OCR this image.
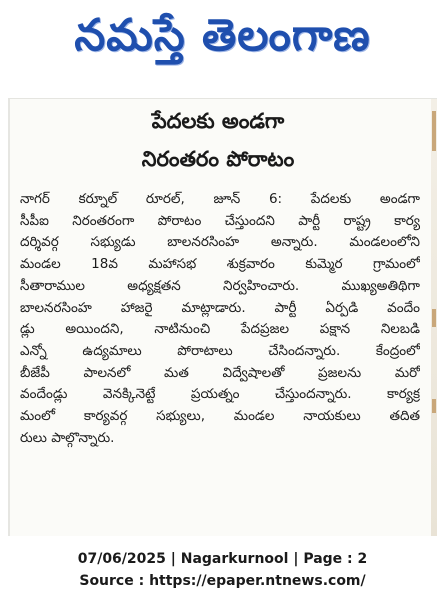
నమస్తే తెలంగాణ
పేదలకు అండగా
నిరంతరం పోరాటం
నాగర్ కర్నూల్ రూరల్, జూన్ 6: పేదలకు అండగా
సీపీఐ నిరంతరంగా పోరాటం చేస్తుందని పార్టీ రాష్ట్ర కార్య
దర్శివర్గ సభ్యుడు బాలనరసింహ అన్నారు. మండలంలోని
మండల 18వ మహాసభ శుక్రవారం కుమ్మెర గ్రామంలో
సీతారాముల అధ్యక్షతన నిర్వహించారు. ముఖ్యఅతిథిగా
బాలనరసింహ హాజరై మాట్లాడారు. పార్టీ ఏర్పడి వందేం
డ్లు అయిందని, నాటినుంచి పేదప్రజల పక్షాన నిలబడి
ఎన్నో ఉద్యమాలు పోరాటాలు చేసిందన్నారు. కేంద్రంలో
బీజేపీ పాలనలో మత విద్వేషాలతో ప్రజలను మరో
వందేండ్లు వెనక్కినెట్టే ప్రయత్నం చేస్తుందన్నారు. కార్యక్ర
మంలో కార్యవర్గ సభ్యులు, మండల నాయకులు తదిత
రులు పాల్గొన్నారు.
07/06/2025 | Nagarkurnool | Page : 2
Source : https://epaper.ntnews.com/
